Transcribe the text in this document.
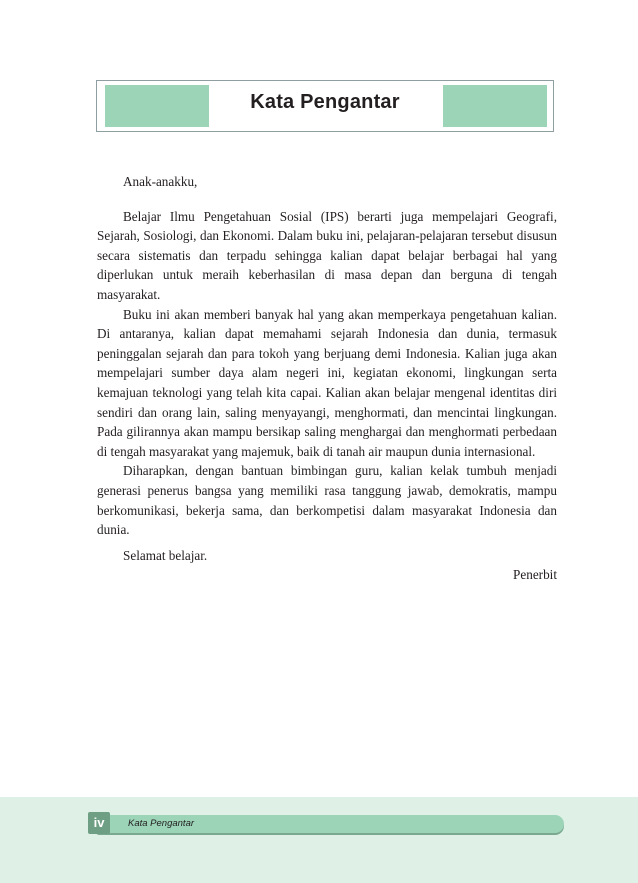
Kata Pengantar

Anak-anakku,

Belajar Ilmu Pengetahuan Sosial (IPS) berarti juga mempelajari Geografi, Sejarah, Sosiologi, dan Ekonomi. Dalam buku ini, pelajaran-pelajaran tersebut disusun secara sistematis dan terpadu sehingga kalian dapat belajar berbagai hal yang diperlukan untuk meraih keberhasilan di masa depan dan berguna di tengah masyarakat.

Buku ini akan memberi banyak hal yang akan memperkaya pengetahuan kalian. Di antaranya, kalian dapat memahami sejarah Indonesia dan dunia, termasuk peninggalan sejarah dan para tokoh yang berjuang demi Indonesia. Kalian juga akan mempelajari sumber daya alam negeri ini, kegiatan ekonomi, lingkungan serta kemajuan teknologi yang telah kita capai. Kalian akan belajar mengenal identitas diri sendiri dan orang lain, saling menyayangi, menghormati, dan mencintai lingkungan. Pada gilirannya akan mampu bersikap saling menghargai dan menghormati perbedaan di tengah masyarakat yang majemuk, baik di tanah air maupun dunia internasional.

Diharapkan, dengan bantuan bimbingan guru, kalian kelak tumbuh menjadi generasi penerus bangsa yang memiliki rasa tanggung jawab, demokratis, mampu berkomunikasi, bekerja sama, dan berkompetisi dalam masyarakat Indonesia dan dunia.

Selamat belajar.

Penerbit

iv	Kata Pengantar
